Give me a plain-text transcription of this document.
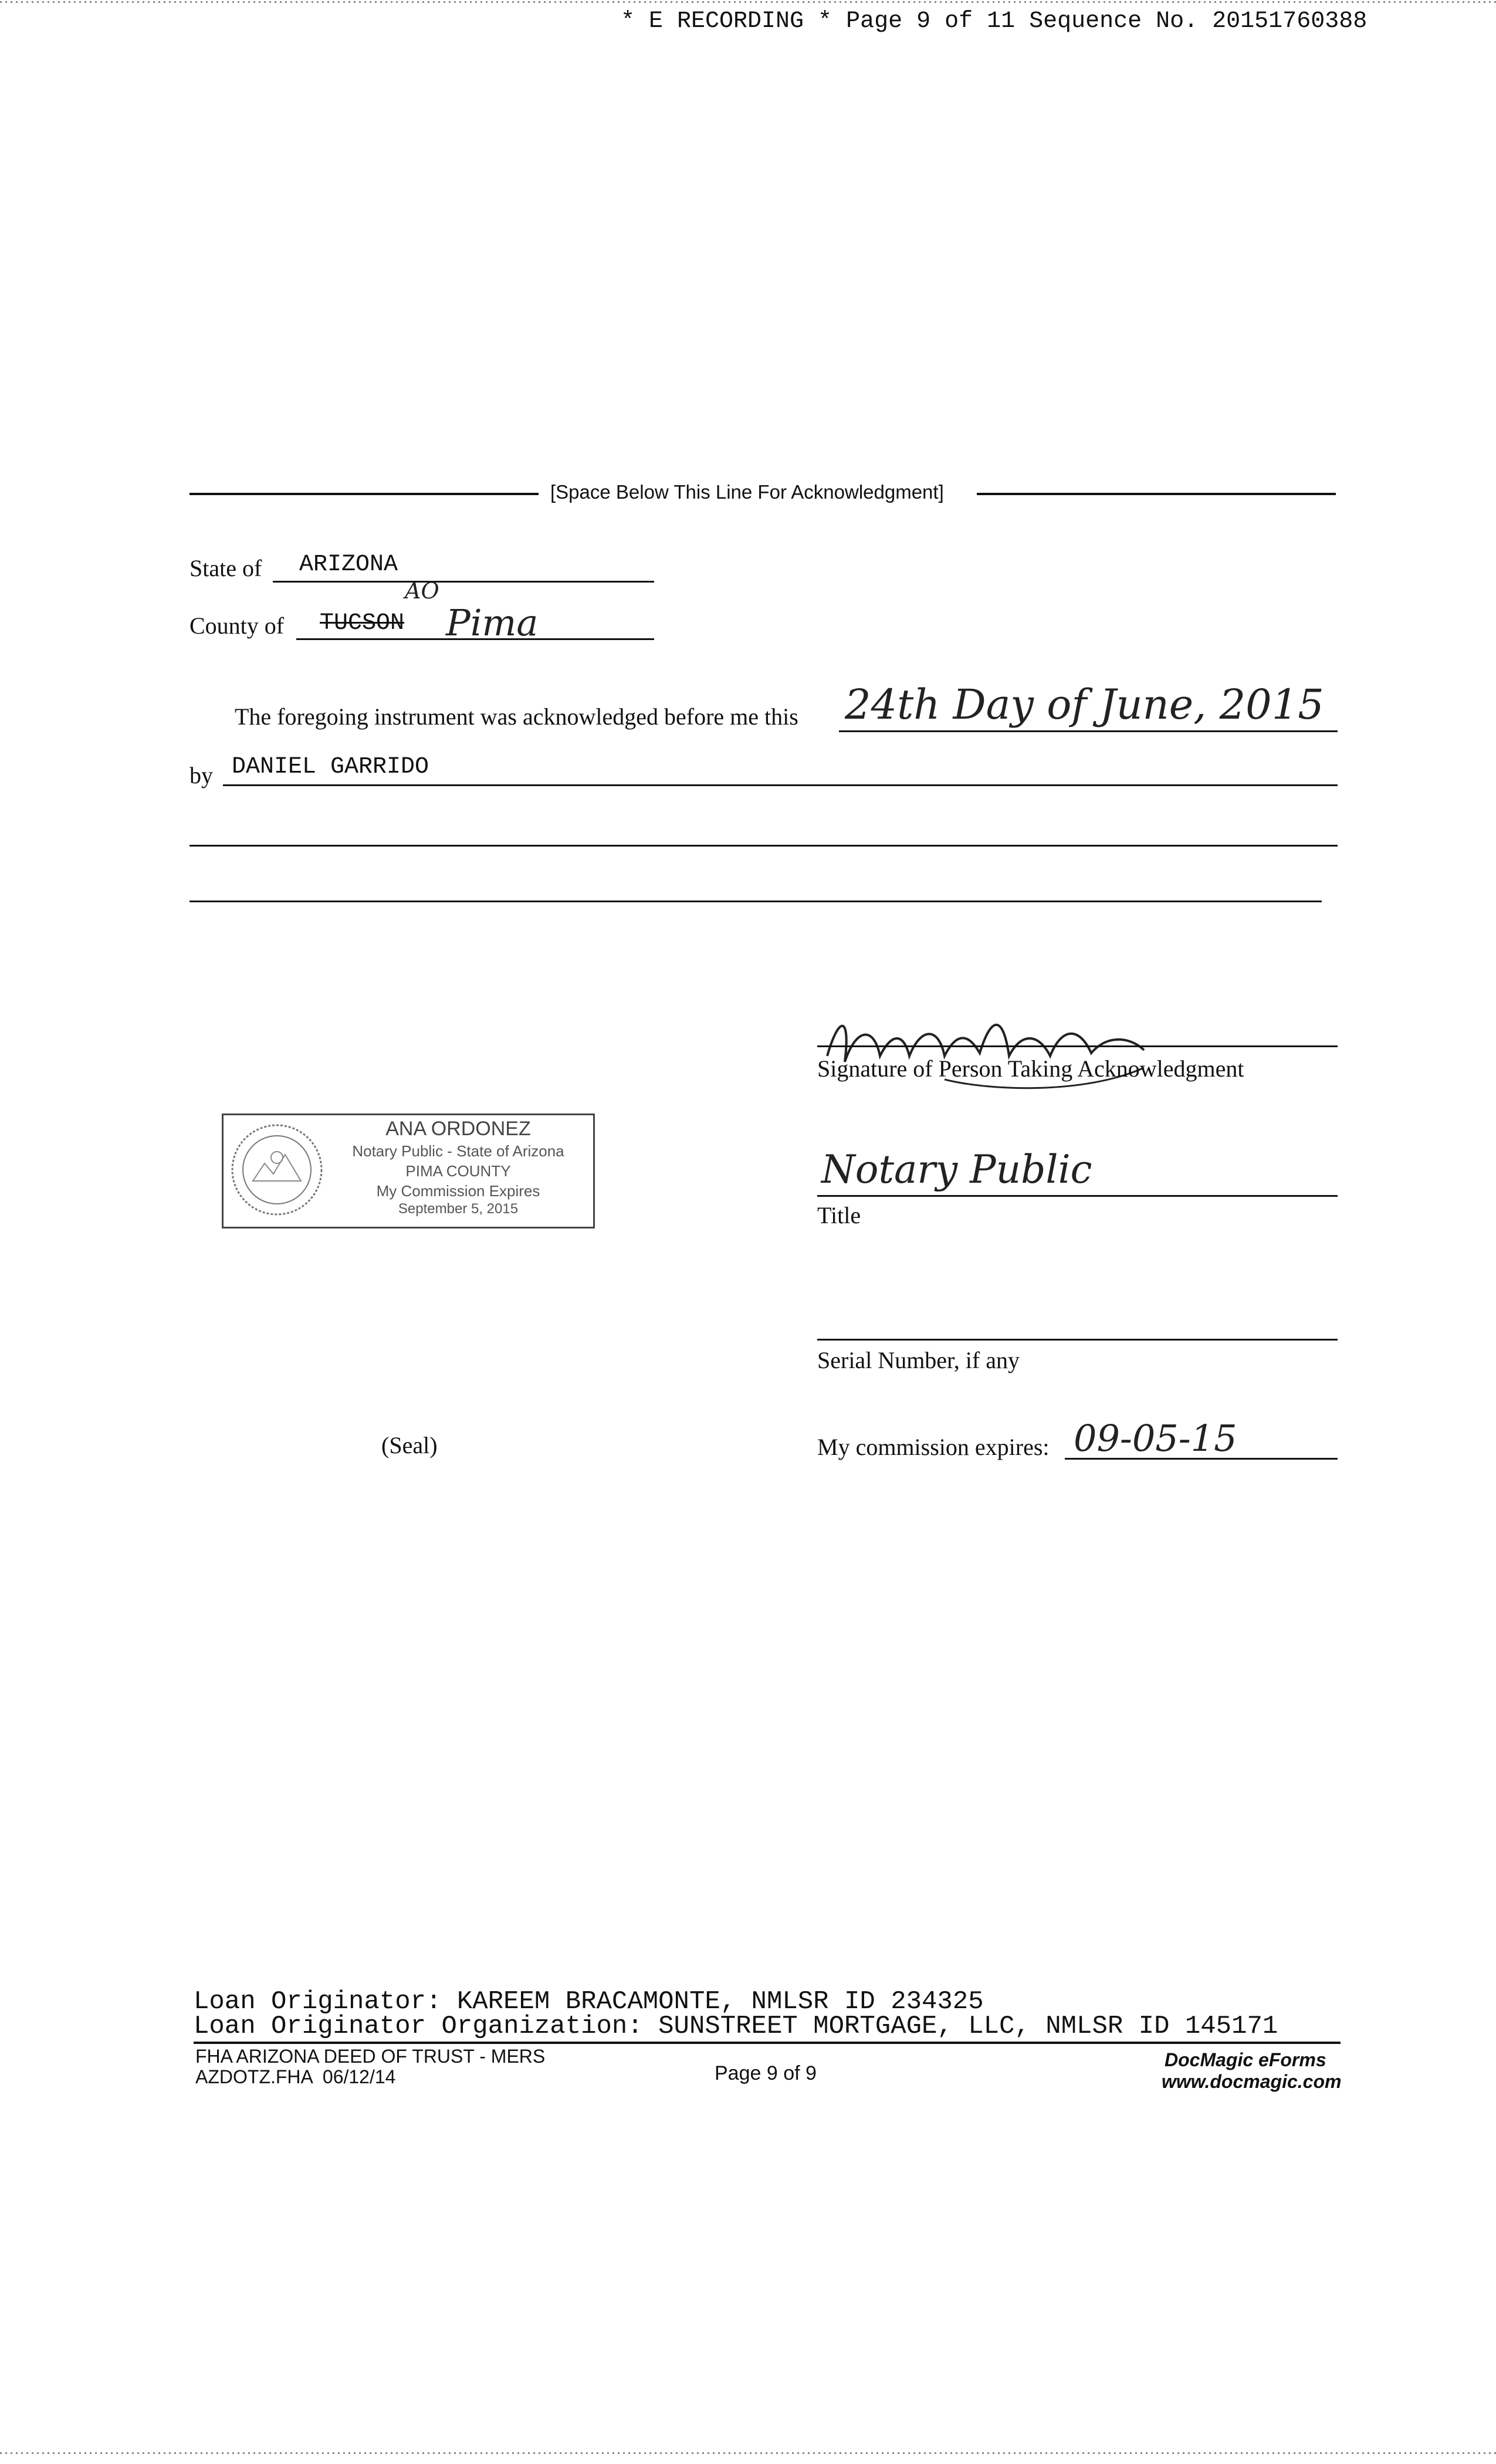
* E RECORDING * Page 9 of 11 Sequence No. 20151760388
[Space Below This Line For Acknowledgment]
State of ARIZONA
County of TUCSON
AO
Pima
The foregoing instrument was acknowledged before me this 24th Day of June, 2015
by DANIEL GARRIDO
Signature of Person Taking Acknowledgment
Notary Public
Title
ANA ORDONEZ
Notary Public - State of Arizona
PIMA COUNTY
My Commission Expires
September 5, 2015
Serial Number, if any
(Seal)	My commission expires: 09-05-15
Loan Originator: KAREEM BRACAMONTE, NMLSR ID 234325
Loan Originator Organization: SUNSTREET MORTGAGE, LLC, NMLSR ID 145171
FHA ARIZONA DEED OF TRUST - MERS
AZDOTZ.FHA  06/12/14	Page 9 of 9
DocMagic eForms
www.docmagic.com
